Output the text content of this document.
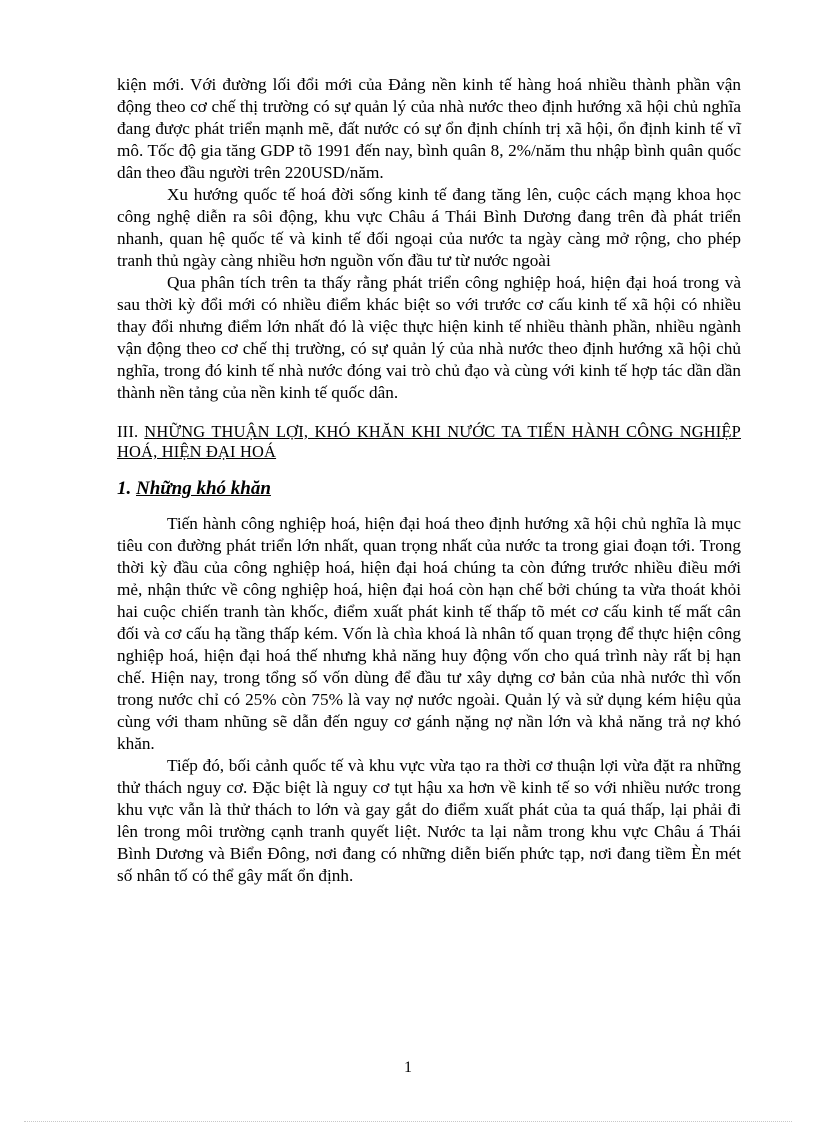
kiện mới. Với đường lối đổi mới của Đảng nền kinh tế hàng hoá nhiều thành phần vận động theo cơ chế thị trường có sự quản lý của nhà nước theo định hướng xã hội chủ nghĩa đang được phát triển mạnh mẽ, đất nước có sự ổn định chính trị xã hội, ổn định kinh tế vĩ mô. Tốc độ gia tăng GDP tõ 1991 đến nay, bình quân 8, 2%/năm thu nhập bình quân quốc dân theo đầu người trên 220USD/năm.

Xu hướng quốc tế hoá đời sống kinh tế đang tăng lên, cuộc cách mạng khoa học công nghệ diễn ra sôi động, khu vực Châu á Thái Bình Dương đang trên đà phát triển nhanh, quan hệ quốc tế và kinh tế đối ngoại của nước ta ngày càng mở rộng, cho phép tranh thủ ngày càng nhiều hơn nguồn vốn đầu tư từ nước ngoài

Qua phân tích trên ta thấy rằng phát triển công nghiệp hoá, hiện đại hoá trong và sau thời kỳ đổi mới có nhiều điểm khác biệt so với trước cơ cấu kinh tế xã hội có nhiều thay đổi nhưng điểm lớn nhất đó là việc thực hiện kinh tế nhiều thành phần, nhiều ngành vận động theo cơ chế thị trường, có sự quản lý của nhà nước theo định hướng xã hội chủ nghĩa, trong đó kinh tế nhà nước đóng vai trò chủ đạo và cùng với kinh tế hợp tác dần dần thành nền tảng của nền kinh tế quốc dân.

III. NHỮNG THUẬN LỢI, KHÓ KHĂN KHI NƯỚC TA TIẾN HÀNH CÔNG NGHIỆP HOÁ, HIỆN ĐẠI HOÁ

1. Những khó khăn

Tiến hành công nghiệp hoá, hiện đại hoá theo định hướng xã hội chủ nghĩa là mục tiêu con đường phát triển lớn nhất, quan trọng nhất của nước ta trong giai đoạn tới. Trong thời kỳ đầu của công nghiệp hoá, hiện đại hoá chúng ta còn đứng trước nhiều điều mới mẻ, nhận thức về công nghiệp hoá, hiện đại hoá còn hạn chế bởi chúng ta vừa thoát khỏi hai cuộc chiến tranh tàn khốc, điểm xuất phát kinh tế thấp tõ mét cơ cấu kinh tế mất cân đối và cơ cấu hạ tầng thấp kém. Vốn là chìa khoá là nhân tố quan trọng để thực hiện công nghiệp hoá, hiện đại hoá thế nhưng khả năng huy động vốn cho quá trình này rất bị hạn chế. Hiện nay, trong tổng số vốn dùng để đầu tư xây dựng cơ bản của nhà nước thì vốn trong nước chỉ có 25% còn 75% là vay nợ nước ngoài. Quản lý và sử dụng kém hiệu qủa cùng với tham nhũng sẽ dẫn đến nguy cơ gánh nặng nợ nần lớn và khả năng trả nợ khó khăn.

Tiếp đó, bối cảnh quốc tế và khu vực vừa tạo ra thời cơ thuận lợi vừa đặt ra những thử thách nguy cơ. Đặc biệt là nguy cơ tụt hậu xa hơn về kinh tế so với nhiều nước trong khu vực vẫn là thử thách to lớn và gay gắt do điểm xuất phát của ta quá thấp, lại phải đi lên trong môi trường cạnh tranh quyết liệt. Nước ta lại nằm trong khu vực Châu á Thái Bình Dương và Biển Đông, nơi đang có những diễn biến phức tạp, nơi đang tiềm Èn mét số nhân tố có thể gây mất ổn định.

1
